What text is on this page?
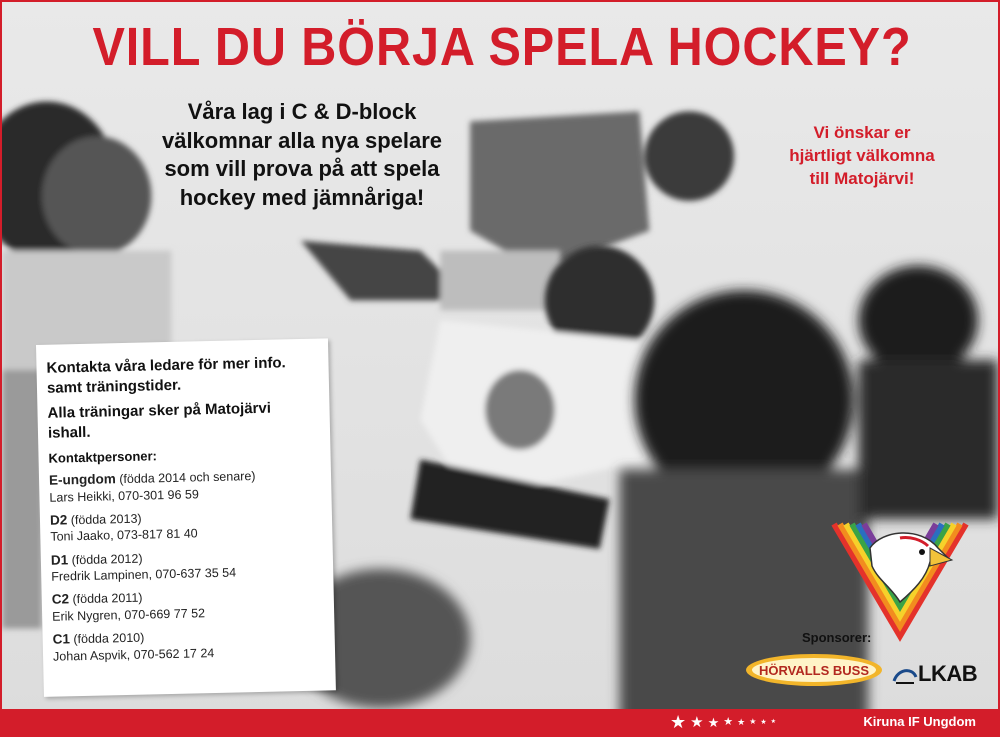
VILL DU BÖRJA SPELA HOCKEY?
Våra lag i C & D-block
välkomnar alla nya spelare
som vill prova på att spela
hockey med jämnåriga!
Vi önskar er
hjärtligt välkomna
till Matojärvi!

Kontakta våra ledare för mer info. samt träningstider.

Alla träningar sker på Matojärvi ishall.

Kontaktpersoner:
E-ungdom (födda 2014 och senare)
Lars Heikki, 070-301 96 59
D2 (födda 2013)
Toni Jaako, 073-817 81 40
D1 (födda 2012)
Fredrik Lampinen, 070-637 35 54
C2 (födda 2011)
Erik Nygren, 070-669 77 52
C1 (födda 2010)
Johan Aspvik, 070-562 17 24
Sponsorer:
HÖRVALLS BUSS LKAB
★ ★ ★ ★ ★ ★ ★ ★	Kiruna IF Ungdom
